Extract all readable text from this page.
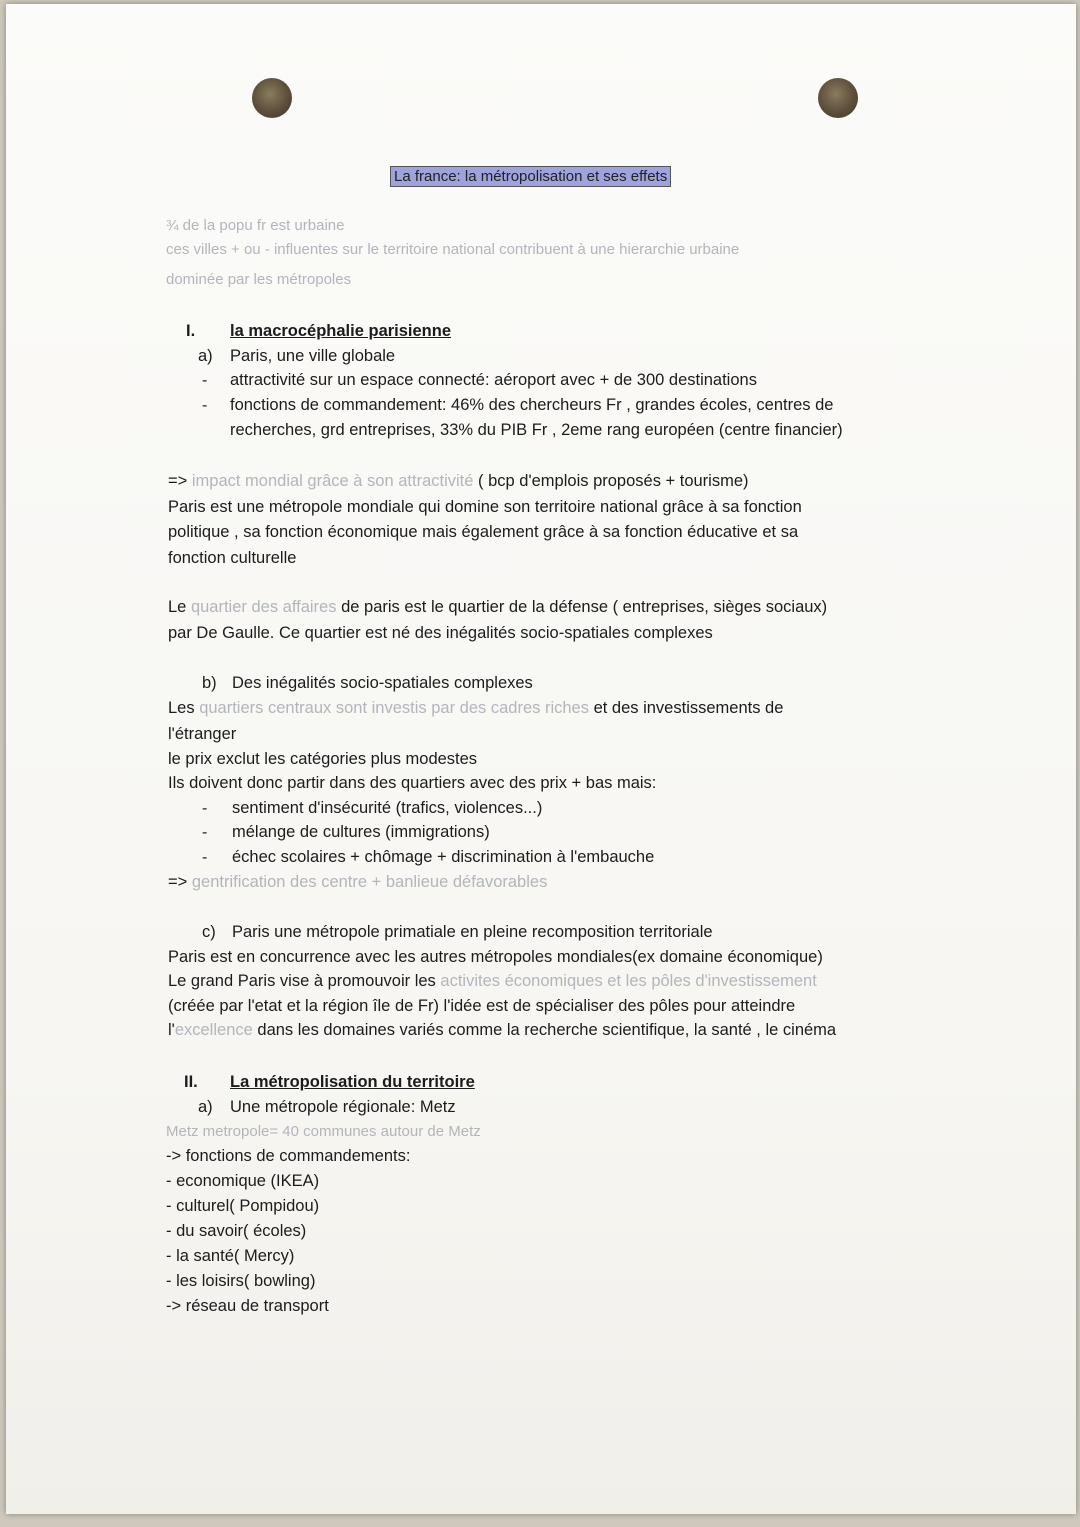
La france: la métropolisation et ses effets
¾ de la popu fr est urbaine
ces villes + ou - influentes sur le territoire national contribuent à une hierarchie urbaine
dominée par les métropoles
I. la macrocéphalie parisienne
a) Paris, une ville globale
- attractivité sur un espace connecté: aéroport avec + de 300 destinations
- fonctions de commandement: 46% des chercheurs Fr , grandes écoles, centres de
recherches, grd entreprises, 33% du PIB Fr , 2eme rang européen (centre financier)
=> impact mondial grâce à son attractivité ( bcp d'emplois proposés + tourisme)
Paris est une métropole mondiale qui domine son territoire national grâce à sa fonction
politique , sa fonction économique mais également grâce à sa fonction éducative et sa
fonction culturelle
Le quartier des affaires de paris est le quartier de la défense ( entreprises, sièges sociaux)
par De Gaulle. Ce quartier est né des inégalités socio-spatiales complexes
b) Des inégalités socio-spatiales complexes
Les quartiers centraux sont investis par des cadres riches et des investissements de
l'étranger
le prix exclut les catégories plus modestes
Ils doivent donc partir dans des quartiers avec des prix + bas mais:
- sentiment d'insécurité (trafics, violences...)
- mélange de cultures (immigrations)
- échec scolaires + chômage + discrimination à l'embauche
=> gentrification des centre + banlieue défavorables
c) Paris une métropole primatiale en pleine recomposition territoriale
Paris est en concurrence avec les autres métropoles mondiales(ex domaine économique)
Le grand Paris vise à promouvoir les activites économiques et les pôles d'investissement
(créée par l'etat et la région île de Fr) l'idée est de spécialiser des pôles pour atteindre
l'excellence dans les domaines variés comme la recherche scientifique, la santé , le cinéma
II. La métropolisation du territoire
a) Une métropole régionale: Metz
Metz metropole= 40 communes autour de Metz
-> fonctions de commandements:
- economique (IKEA)
- culturel( Pompidou)
- du savoir( écoles)
- la santé( Mercy)
- les loisirs( bowling)
-> réseau de transport
